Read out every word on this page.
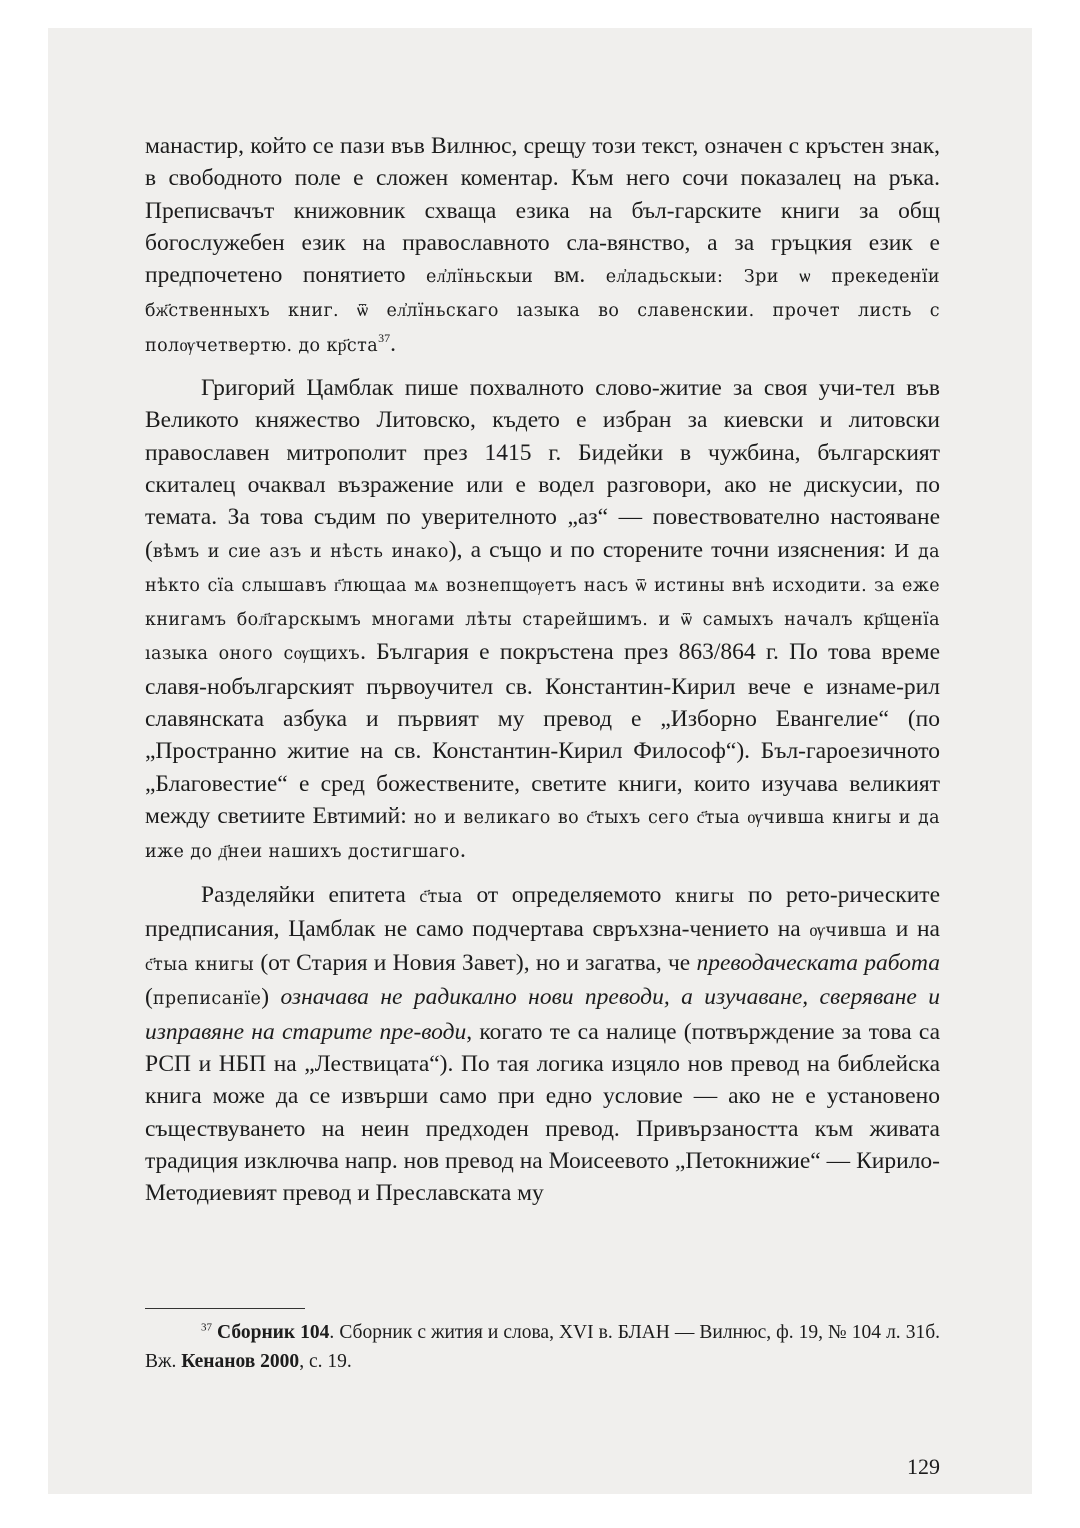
манастир, който се пази във Вилнюс, срещу този текст, означен с кръстен знак, в свободното поле е сложен коментар. Към него сочи показалец на ръка. Преписвачът книжовник схваща езика на бъл-гарските книги за общ богослужебен език на православното сла-вянство, а за гръцкия език е предпочетено понятието ел҆лїньскыи вм. ел҆ладьскыи: Зри ѡ прекеденїи бж҃ственныхъ книг. ѿ ел҆лїньскаго ıазыка во славенскии. прочет листь с полѹчетвертю. до кр҃ста$^{37}$.

Григорий Цамблак пише похвалното слово-житие за своя учи-тел във Великото княжество Литовско, където е избран за киевски и литовски православен митрополит през 1415 г. Бидейки в чужбина, българският скиталец очаквал възражение или е водел разговори, ако не дискусии, по темата. За това съдим по уверителното „аз“ — повествователно настояване (вѣмъ и сие азъ и нѣсть инако), а също и по сторените точни изяснения: И да нѣкто сїа слышавъ г҃лющаа мѧ вознепщѹетъ насъ ѿ истины внѣ исходити. за еже книгамъ бол҃гарскымъ многами лѣты старейшимъ. и ѿ самыхъ началъ кр҃щенїа ıазыка оного сѹщихъ. България е покръстена през 863/864 г. По това време славя-нобългарският първоучител св. Константин-Кирил вече е изнаме-рил славянската азбука и първият му превод е „Изборно Евангелие“ (по „Пространно житие на св. Константин-Кирил Философ“). Бъл-гароезичното „Благовестие“ е сред божествените, светите книги, които изучава великият между светиите Евтимий: но и великаго во с҃тыхъ сего с҃тыа ѹчивша книгы и да иже до д҃неи нашихъ достигшаго.

Разделяйки епитета с҃тыа от определяемото книгы по рето-рическите предписания, Цамблак не само подчертава свръхзна-чението на ѹчивша и на с҃тыа книгы (от Стария и Новия Завет), но и загатва, че преводаческата работа (преписанїе) означава не радикално нови преводи, а изучаване, сверяване и изправяне на старите пре-води, когато те са налице (потвърждение за това са РСП и НБП на „Лествицата“). По тая логика изцяло нов превод на библейска книга може да се извърши само при едно условие — ако не е установено съществуването на неин предходен превод. Привързаността към живата традиция изключва напр. нов превод на Моисеевото „Петокнижие“ — Кирило-Методиевият превод и Преславската му

$^{37}$ Сборник 104. Сборник с жития и слова, XVI в. БЛАН — Вилнюс, ф. 19, № 104 л. 31б. Вж. Кенанов 2000, с. 19.
129
